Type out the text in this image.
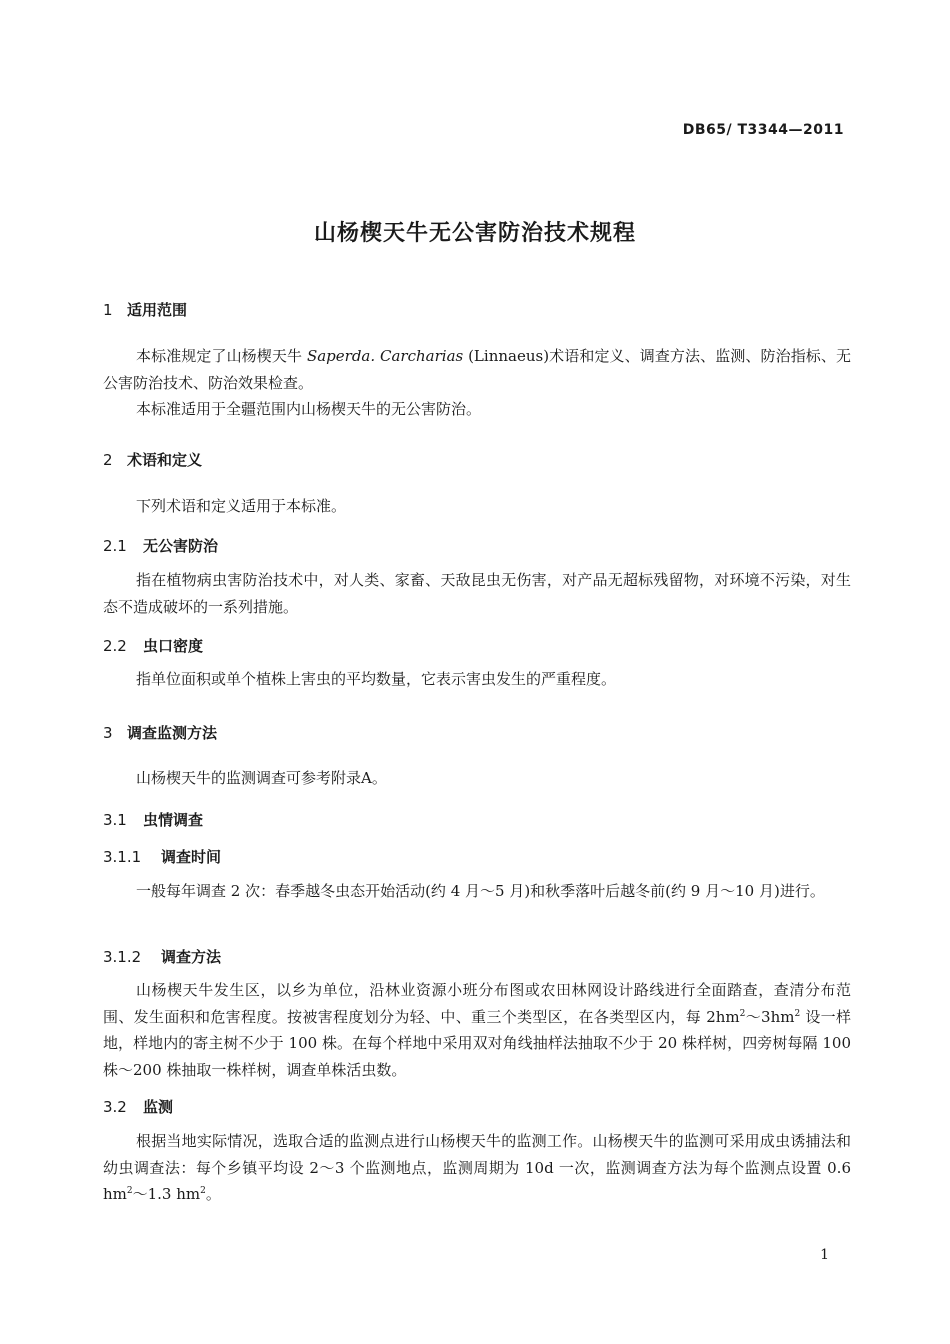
DB65/ T3344—2011
山杨楔天牛无公害防治技术规程
1 适用范围
本标准规定了山杨楔天牛 Saperda. Carcharias (Linnaeus)术语和定义、调查方法、监测、防治指标、无公害防治技术、防治效果检查。
本标准适用于全疆范围内山杨楔天牛的无公害防治。
2 术语和定义
下列术语和定义适用于本标准。
2.1 无公害防治
指在植物病虫害防治技术中，对人类、家畜、天敌昆虫无伤害，对产品无超标残留物，对环境不污染，对生态不造成破坏的一系列措施。
2.2 虫口密度
指单位面积或单个植株上害虫的平均数量，它表示害虫发生的严重程度。
3 调查监测方法
山杨楔天牛的监测调查可参考附录A。
3.1 虫情调查
3.1.1 调查时间
一般每年调查 2 次：春季越冬虫态开始活动(约 4 月～5 月)和秋季落叶后越冬前(约 9 月～10 月)进行。
3.1.2 调查方法
山杨楔天牛发生区，以乡为单位，沿林业资源小班分布图或农田林网设计路线进行全面踏查，查清分布范围、发生面积和危害程度。按被害程度划分为轻、中、重三个类型区，在各类型区内，每 $2hm^2\sim 3hm^2$ 设一样地，样地内的寄主树不少于 100 株。在每个样地中采用双对角线抽样法抽取不少于 20 株样树，四旁树每隔 100 株～200 株抽取一株样树，调查单株活虫数。
3.2 监测
根据当地实际情况，选取合适的监测点进行山杨楔天牛的监测工作。山杨楔天牛的监测可采用成虫诱捕法和幼虫调查法：每个乡镇平均设 2～3 个监测地点，监测周期为 10d 一次，监测调查方法为每个监测点设置 0.6 $hm^2\sim 1.3$ $hm^2$。
1
